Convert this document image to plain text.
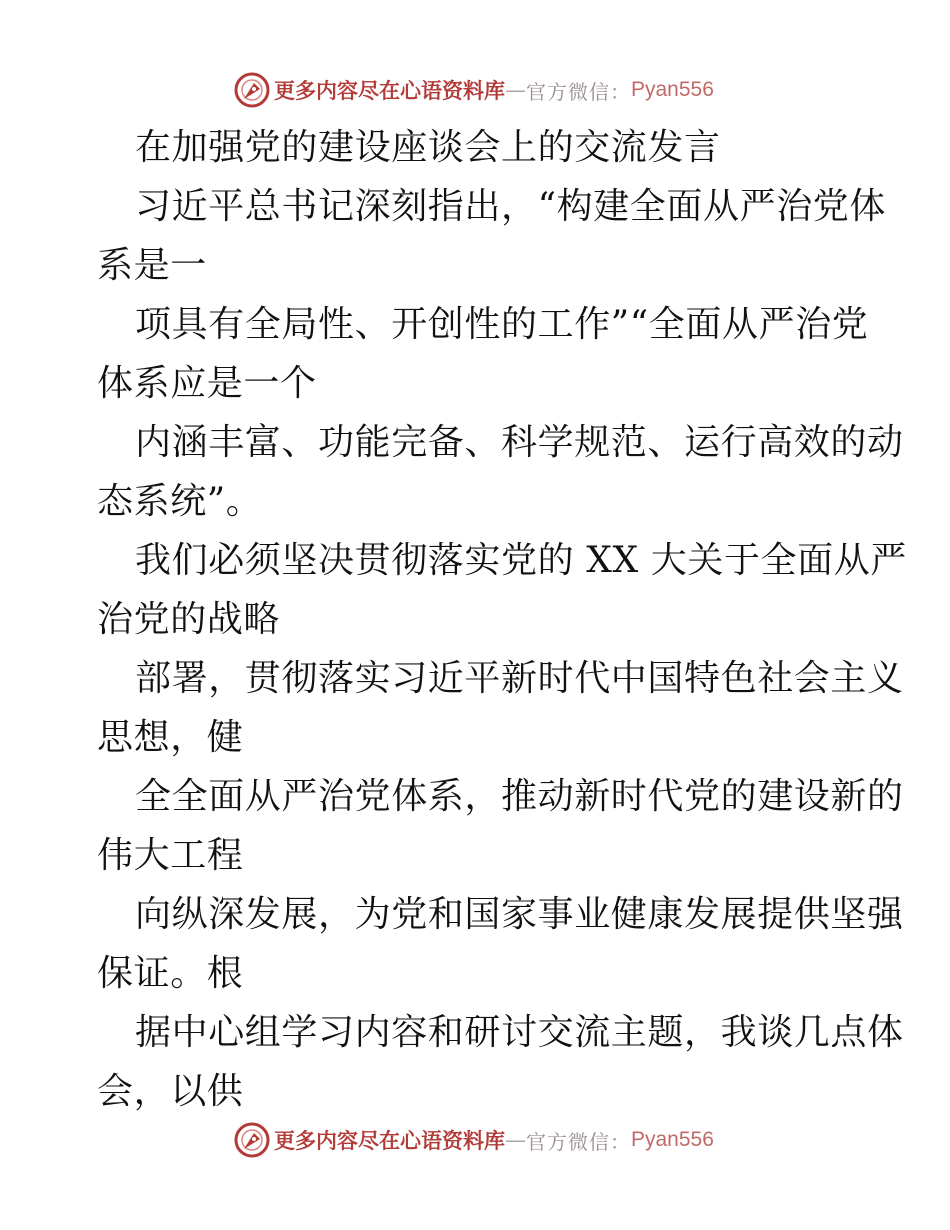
更多内容尽在心语资料库 — 官方微信： Pyan556
在加强党的建设座谈会上的交流发言
习近平总书记深刻指出，“构建全面从严治党体
系是一
项具有全局性、开创性的工作”“全面从严治党
体系应是一个
内涵丰富、功能完备、科学规范、运行高效的动
态系统”。
我们必须坚决贯彻落实党的 XX 大关于全面从严
治党的战略
部署，贯彻落实习近平新时代中国特色社会主义
思想，健
全全面从严治党体系，推动新时代党的建设新的
伟大工程
向纵深发展，为党和国家事业健康发展提供坚强
保证。根
据中心组学习内容和研讨交流主题，我谈几点体
会，以供
更多内容尽在心语资料库 — 官方微信： Pyan556
